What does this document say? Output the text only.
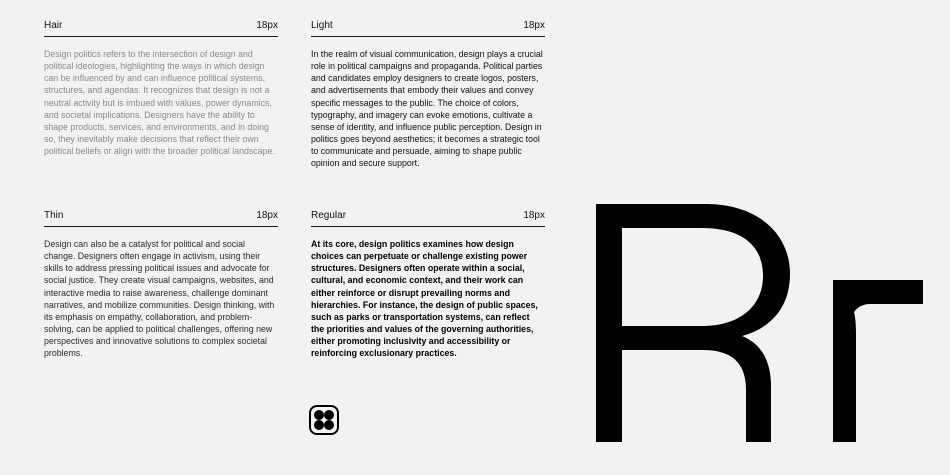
Hair	18px
Design politics refers to the intersection of design and political ideologies, highlighting the ways in which design can be influenced by and can influence political systems, structures, and agendas. It recognizes that design is not a neutral activity but is imbued with values, power dynamics, and societal implications. Designers have the ability to shape products, services, and environments, and in doing so, they inevitably make decisions that reflect their own political beliefs or align with the broader political landscape.
Light	18px
In the realm of visual communication, design plays a crucial role in political campaigns and propaganda. Political parties and candidates employ designers to create logos, posters, and advertisements that embody their values and convey specific messages to the public. The choice of colors, typography, and imagery can evoke emotions, cultivate a sense of identity, and influence public perception. Design in politics goes beyond aesthetics; it becomes a strategic tool to communicate and persuade, aiming to shape public opinion and secure support.
Thin	18px
Design can also be a catalyst for political and social change. Designers often engage in activism, using their skills to address pressing political issues and advocate for social justice. They create visual campaigns, websites, and interactive media to raise awareness, challenge dominant narratives, and mobilize communities. Design thinking, with its emphasis on empathy, collaboration, and problem-solving, can be applied to political challenges, offering new perspectives and innovative solutions to complex societal problems.
Regular	18px
At its core, design politics examines how design choices can perpetuate or challenge existing power structures. Designers often operate within a social, cultural, and economic context, and their work can either reinforce or disrupt prevailing norms and hierarchies. For instance, the design of public spaces, such as parks or transportation systems, can reflect the priorities and values of the governing authorities, either promoting inclusivity and accessibility or reinforcing exclusionary practices.
